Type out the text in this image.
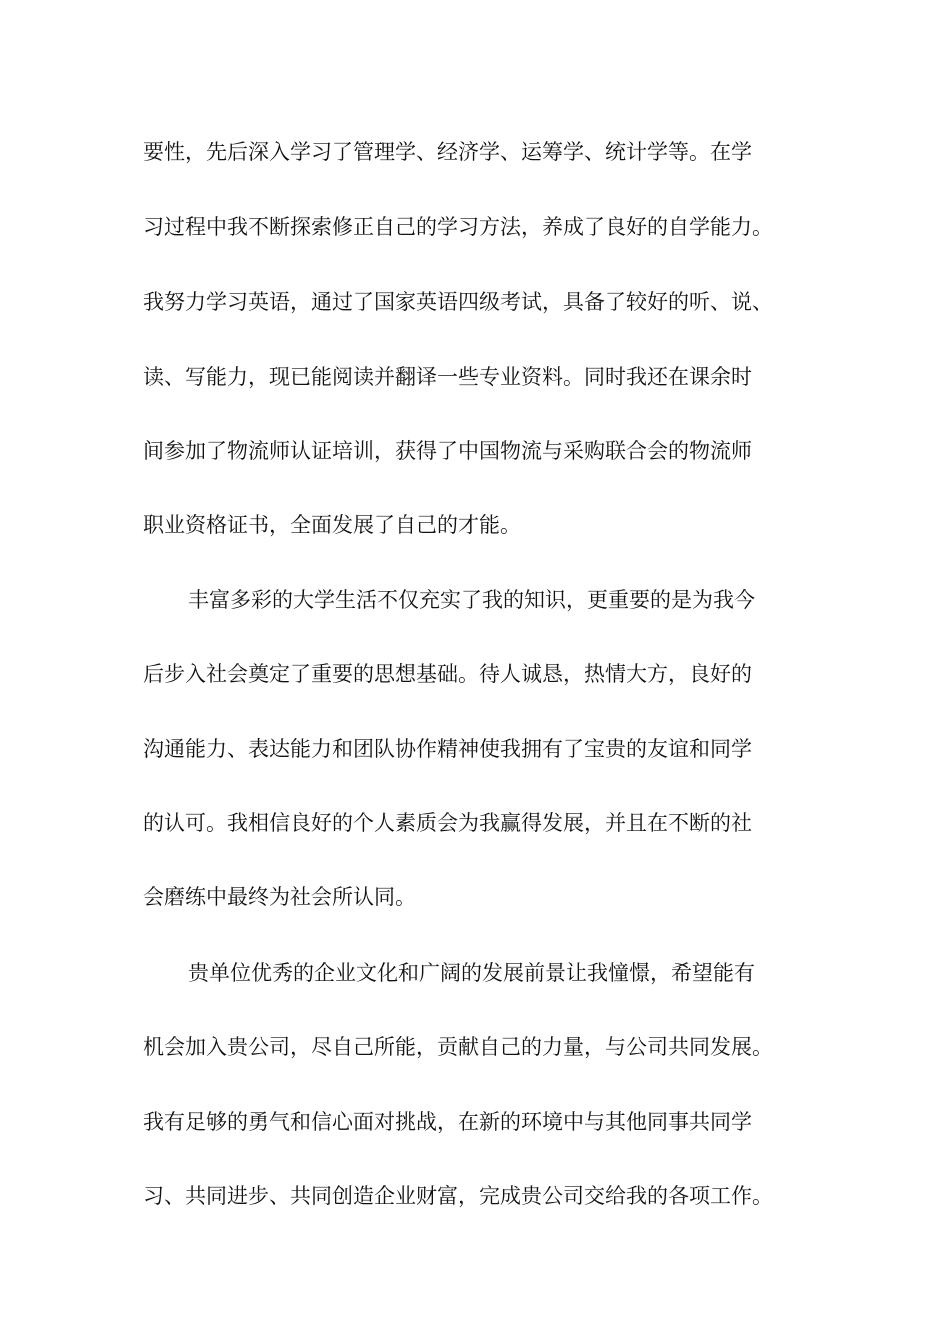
要性，先后深入学习了管理学、经济学、运筹学、统计学等。在学
习过程中我不断探索修正自己的学习方法，养成了良好的自学能力。
我努力学习英语，通过了国家英语四级考试，具备了较好的听、说、
读、写能力，现已能阅读并翻译一些专业资料。同时我还在课余时
间参加了物流师认证培训，获得了中国物流与采购联合会的物流师
职业资格证书，全面发展了自己的才能。
丰富多彩的大学生活不仅充实了我的知识，更重要的是为我今
后步入社会奠定了重要的思想基础。待人诚恳，热情大方，良好的
沟通能力、表达能力和团队协作精神使我拥有了宝贵的友谊和同学
的认可。我相信良好的个人素质会为我赢得发展，并且在不断的社
会磨练中最终为社会所认同。
贵单位优秀的企业文化和广阔的发展前景让我憧憬，希望能有
机会加入贵公司，尽自己所能，贡献自己的力量，与公司共同发展。
我有足够的勇气和信心面对挑战，在新的环境中与其他同事共同学
习、共同进步、共同创造企业财富，完成贵公司交给我的各项工作。
